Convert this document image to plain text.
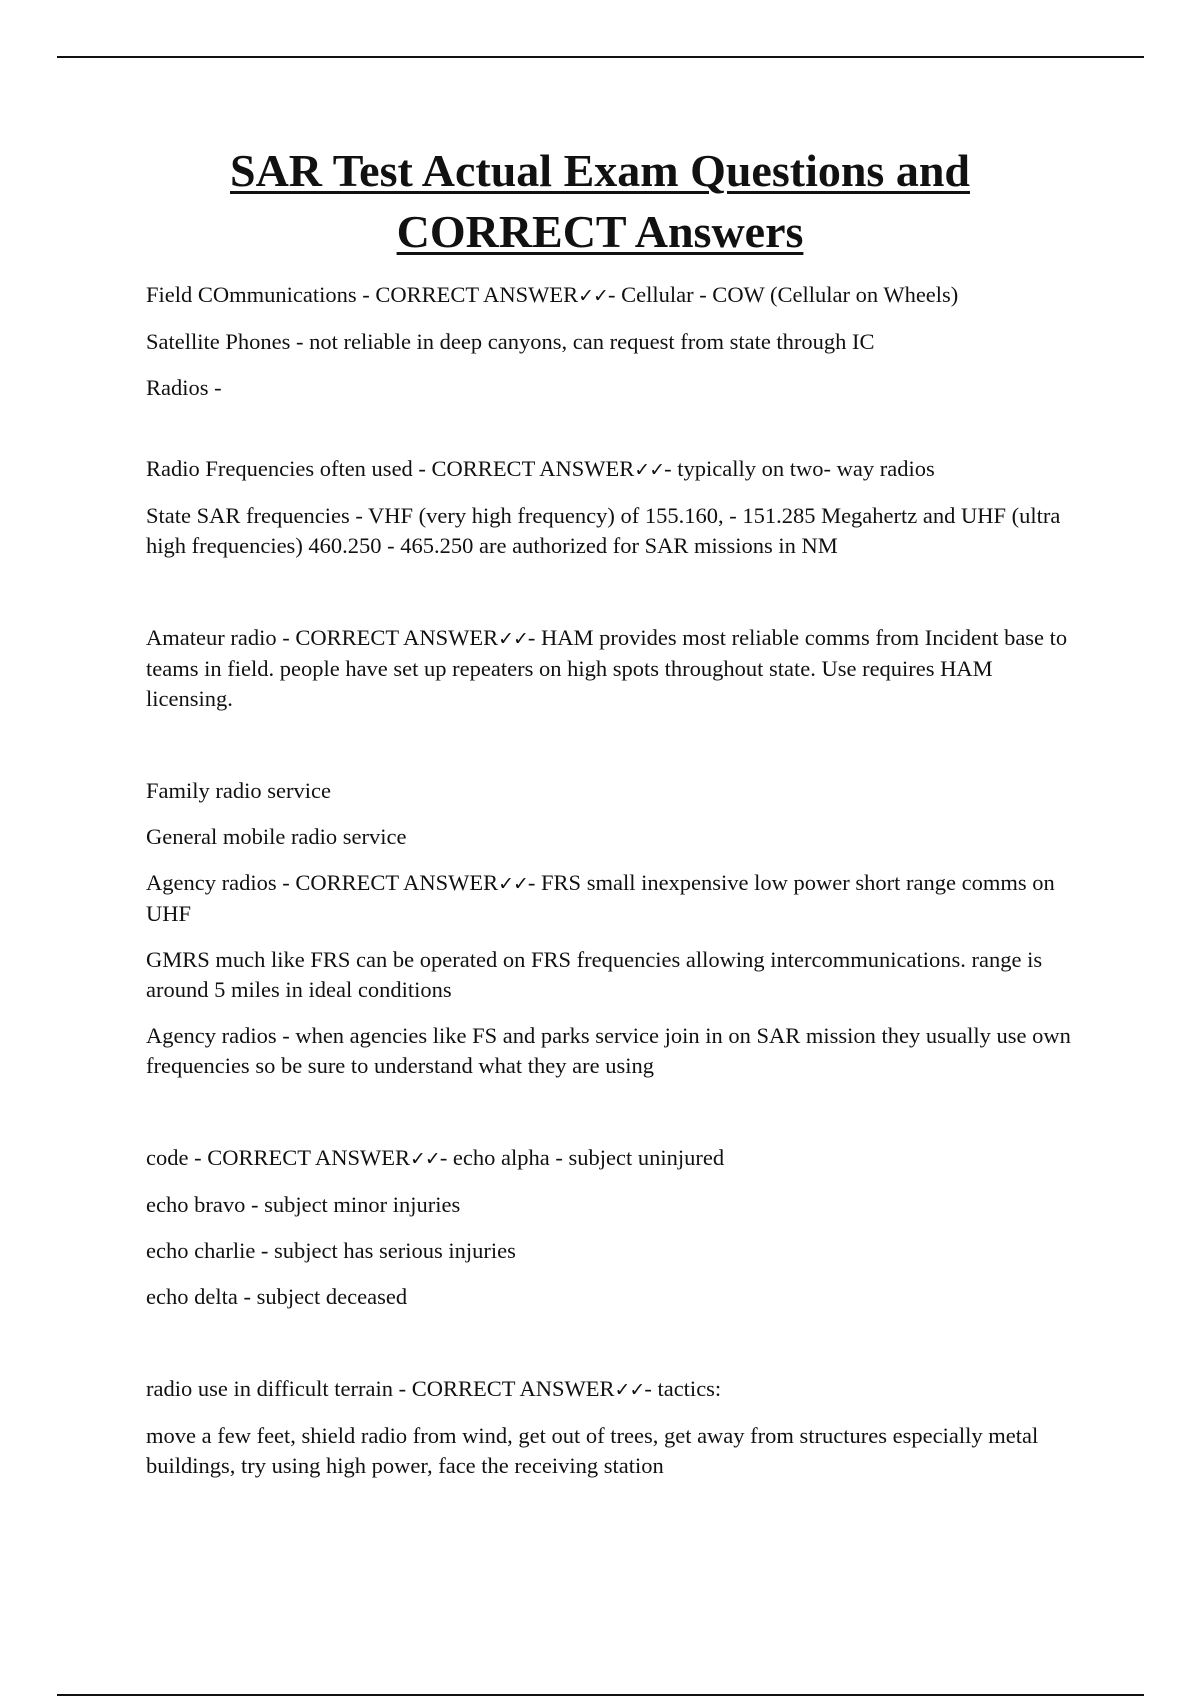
SAR Test Actual Exam Questions and
CORRECT Answers

Field COmmunications - CORRECT ANSWER✓✓- Cellular - COW (Cellular on Wheels)

Satellite Phones - not reliable in deep canyons, can request from state through IC

Radios -

Radio Frequencies often used - CORRECT ANSWER✓✓- typically on two- way radios

State SAR frequencies - VHF (very high frequency) of 155.160, - 151.285 Megahertz and UHF (ultra high frequencies) 460.250 - 465.250 are authorized for SAR missions in NM

Amateur radio - CORRECT ANSWER✓✓- HAM provides most reliable comms from Incident base to teams in field. people have set up repeaters on high spots throughout state. Use requires HAM licensing.

Family radio service

General mobile radio service

Agency radios - CORRECT ANSWER✓✓- FRS small inexpensive low power short range comms on UHF

GMRS much like FRS can be operated on FRS frequencies allowing intercommunications. range is around 5 miles in ideal conditions

Agency radios - when agencies like FS and parks service join in on SAR mission they usually use own frequencies so be sure to understand what they are using

code - CORRECT ANSWER✓✓- echo alpha - subject uninjured

echo bravo - subject minor injuries

echo charlie - subject has serious injuries

echo delta - subject deceased

radio use in difficult terrain - CORRECT ANSWER✓✓- tactics:

move a few feet, shield radio from wind, get out of trees, get away from structures especially metal buildings, try using high power, face the receiving station
